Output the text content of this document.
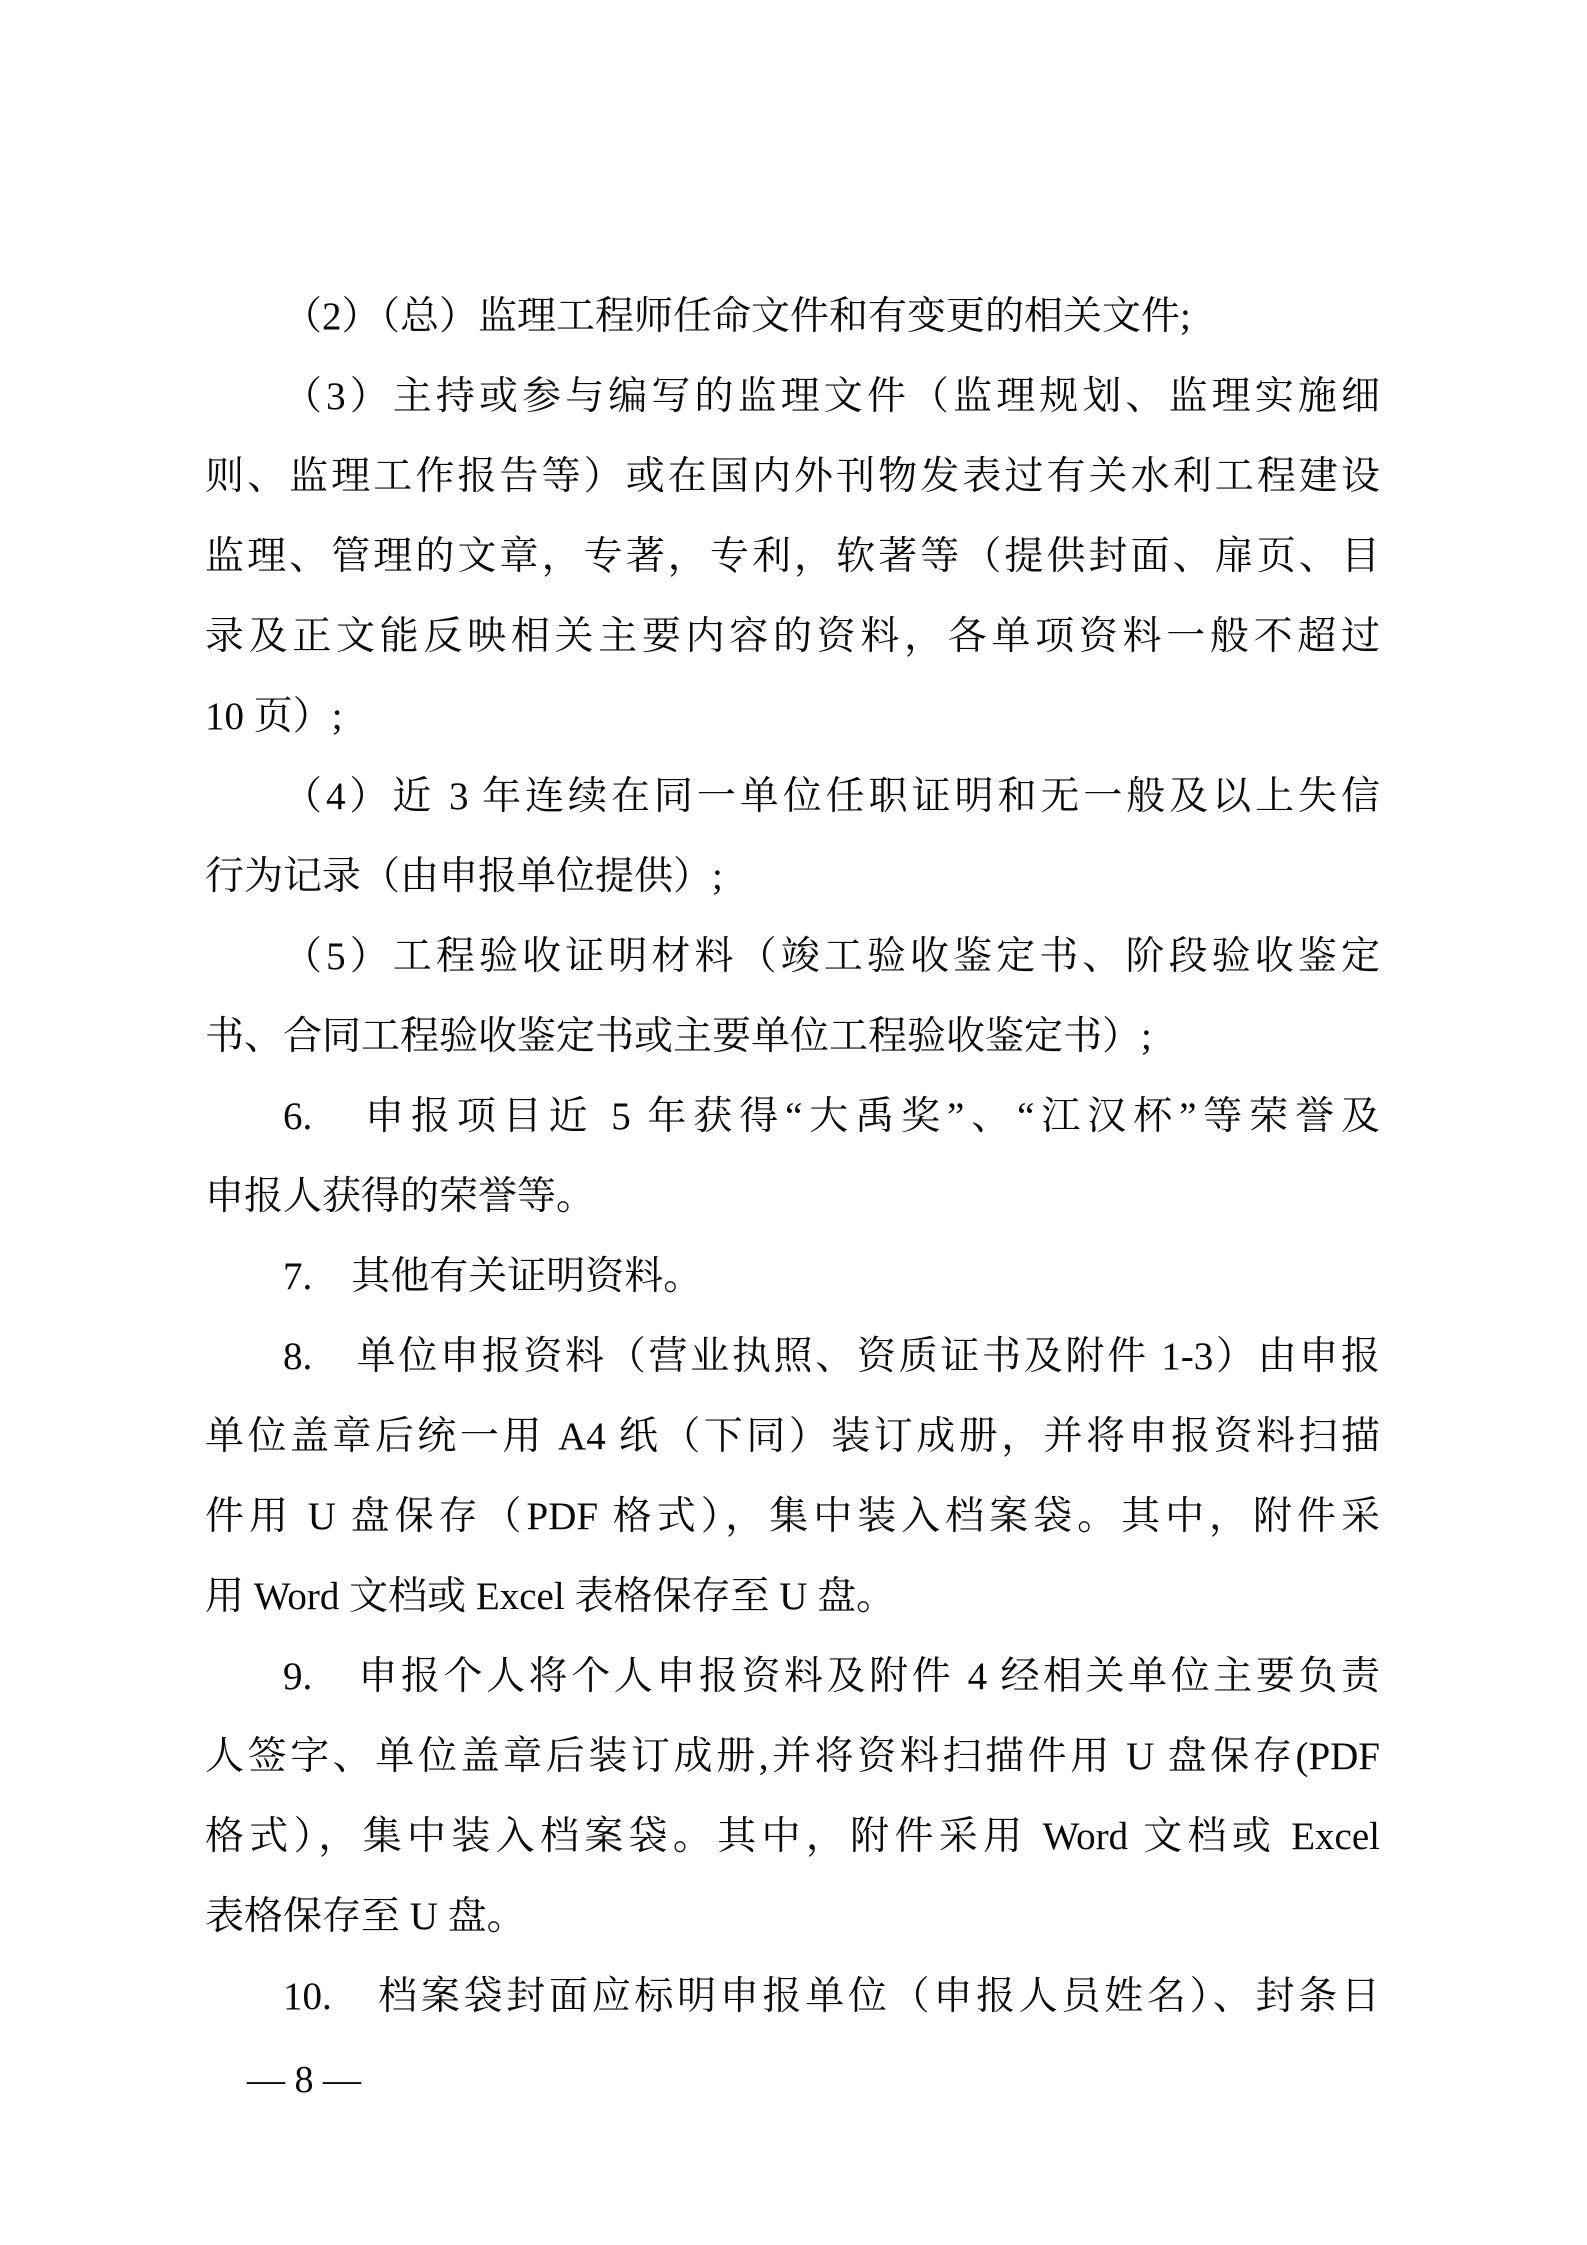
（2）（总）监理工程师任命文件和有变更的相关文件;

（3）主持或参与编写的监理文件（监理规划、监理实施细

则、监理工作报告等）或在国内外刊物发表过有关水利工程建设

监理、管理的文章，专著，专利，软著等（提供封面、扉页、目

录及正文能反映相关主要内容的资料，各单项资料一般不超过

10 页）;

（4）近 3 年连续在同一单位任职证明和无一般及以上失信

行为记录（由申报单位提供）;

（5）工程验收证明材料（竣工验收鉴定书、阶段验收鉴定

书、合同工程验收鉴定书或主要单位工程验收鉴定书）;

6.　申报项目近 5 年获得“大禹奖”、“江汉杯”等荣誉及

申报人获得的荣誉等。

7.　其他有关证明资料。

8.　单位申报资料（营业执照、资质证书及附件 1-3）由申报

单位盖章后统一用 A4 纸（下同）装订成册，并将申报资料扫描

件用 U 盘保存（PDF 格式），集中装入档案袋。其中，附件采

用 Word 文档或 Excel 表格保存至 U 盘。

9.　申报个人将个人申报资料及附件 4 经相关单位主要负责

人签字、单位盖章后装订成册,并将资料扫描件用 U 盘保存(PDF

格式），集中装入档案袋。其中，附件采用 Word 文档或 Excel

表格保存至 U 盘。

10.　档案袋封面应标明申报单位（申报人员姓名）、封条日

— 8 —
